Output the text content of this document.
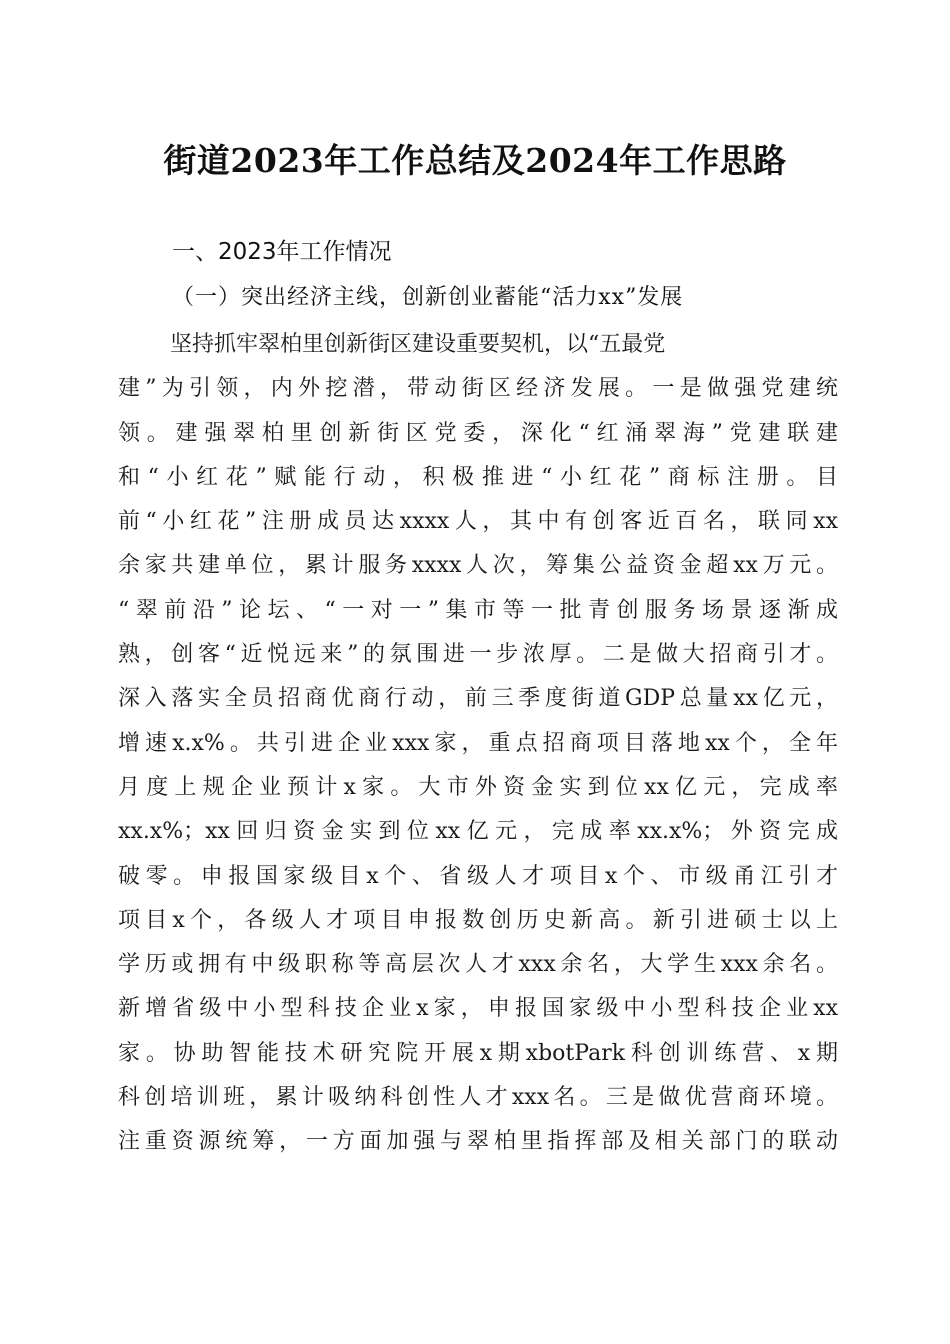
街道2023年工作总结及2024年工作思路
一、2023年工作情况
（一）突出经济主线，创新创业蓄能“活力xx”发展
坚持抓牢翠柏里创新街区建设重要契机，以“五最党
建”为引领，内外挖潜，带动街区经济发展。一是做强党建统
领。建强翠柏里创新街区党委，深化“红涌翠海”党建联建
和“小红花”赋能行动，积极推进“小红花”商标注册。目
前“小红花”注册成员达xxxx人，其中有创客近百名，联同xx
余家共建单位，累计服务xxxx人次，筹集公益资金超xx万元。
“翠前沿”论坛、“一对一”集市等一批青创服务场景逐渐成
熟，创客“近悦远来”的氛围进一步浓厚。二是做大招商引才。
深入落实全员招商优商行动，前三季度街道GDP总量xx亿元，
增速x.x%。共引进企业xxx家，重点招商项目落地xx个，全年
月度上规企业预计x家。大市外资金实到位xx亿元，完成率
xx.x%；xx回归资金实到位xx亿元，完成率xx.x%；外资完成
破零。申报国家级目x个、省级人才项目x个、市级甬江引才
项目x个，各级人才项目申报数创历史新高。新引进硕士以上
学历或拥有中级职称等高层次人才xxx余名，大学生xxx余名。
新增省级中小型科技企业x家，申报国家级中小型科技企业xx
家。协助智能技术研究院开展x期xbotPark科创训练营、x期
科创培训班，累计吸纳科创性人才xxx名。三是做优营商环境。
注重资源统筹，一方面加强与翠柏里指挥部及相关部门的联动
